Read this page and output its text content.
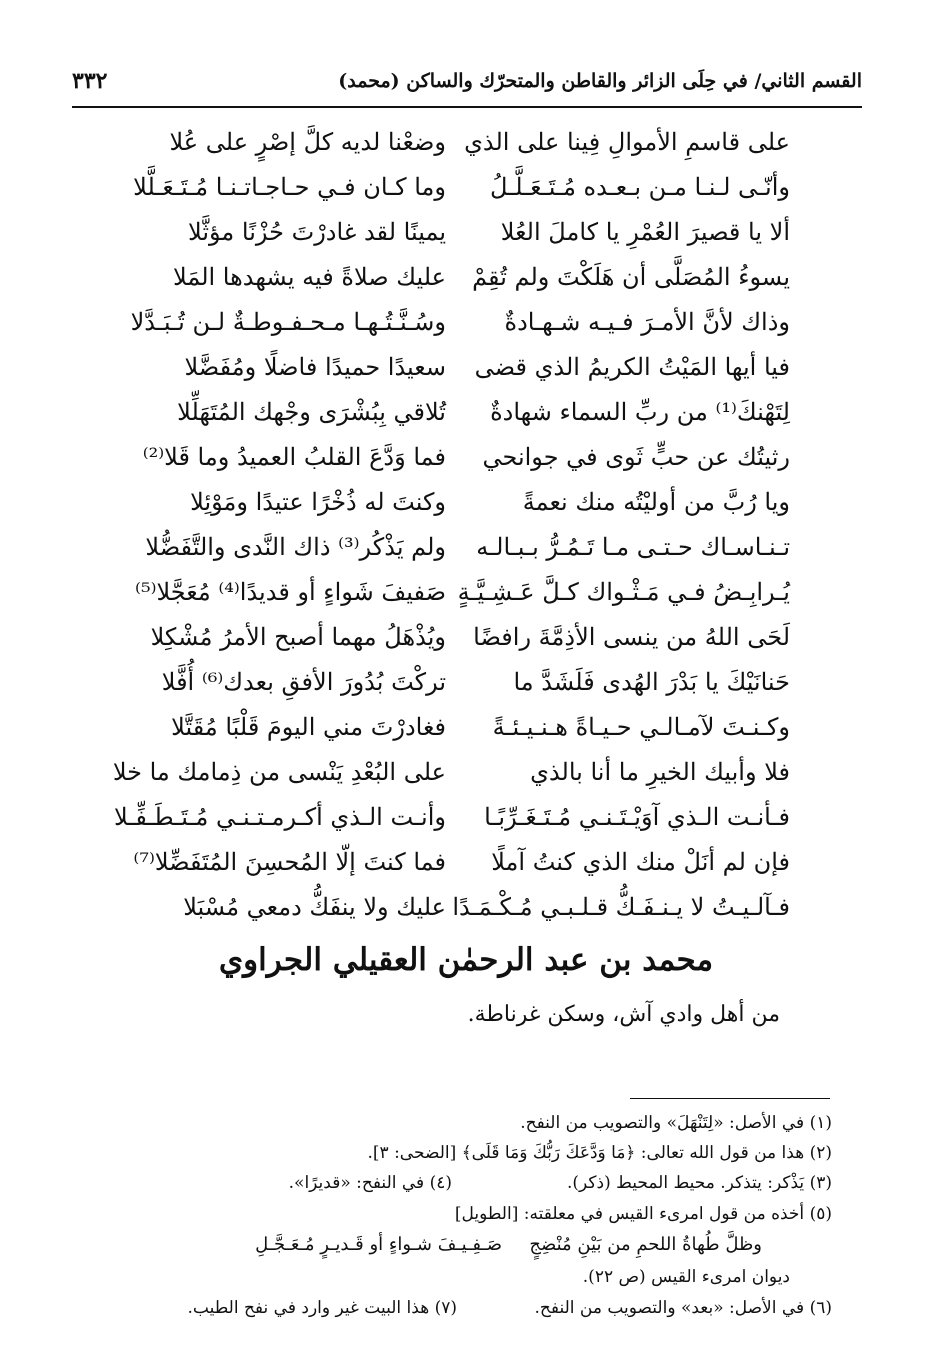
القسم الثاني/ في حِلَى الزائر والقاطن والمتحرّك والساكن (محمد)
٣٣٢
على قاسمِ الأموالِ فِينا على الذي
وضعْنا لديه كلَّ إصْرٍ على عُلا
وأنّـى لـنـا مـن بـعـده مُـتَـعَـلَّـلُ
وما كـان فـي حـاجـاتـنـا مُـتَـعَـلَّلا
ألا يا قصيرَ العُمْرِ يا كاملَ العُلا
يمينًا لقد غادرْتَ حُزْنًا مؤثَّلا
يسوءُ المُصَلَّى أن هَلَكْتَ ولم تُقِمْ
عليك صلاةً فيه يشهدها المَلا
وذاك لأنَّ الأمـرَ فـيـه شـهـادةٌ
وسُـنَّـتُـهـا مـحـفـوطـةٌ لـن تُـبَـدَّلا
فيا أيها المَيْتُ الكريمُ الذي قضى
سعيدًا حميدًا فاضلًا ومُفَضَّلا
لِتَهْنكَ⁽¹⁾ من ربِّ السماء شهادةٌ
تُلاقي بِبُشْرَى وجْهك المُتَهَلِّلا
رثيتُك عن حبٍّ ثَوى في جوانحي
فما وَدَّعَ القلبُ العميدُ وما قَلا⁽²⁾
ويا رُبَّ من أوليْتُه منك نعمةً
وكنتَ له ذُخْرًا عتيدًا ومَوْئِلا
تـنـاسـاك حـتـى مـا تَـمُـرُّ بـبـالـه
ولم يَذْكُر⁽³⁾ ذاك النَّدى والتَّفَضُّلا
يُـرابِـضُ فـي مَـثْـواك كـلَّ عَـشِـيَّـةٍ
صَفيفَ شَواءٍ أو قديدًا⁽⁴⁾ مُعَجَّلا⁽⁵⁾
لَحَى اللهُ من ينسى الأذِمَّةَ رافضًا
ويُذْهَلُ مهما أصبح الأمرُ مُشْكِلا
حَنانَيْكَ يا بَدْرَ الهُدى فَلَشَدَّ ما
تركْتَ بُدُورَ الأفقِ بعدك⁽⁶⁾ أُفَّلا
وكـنـتَ لآمـالـي حـيـاةً هـنـيـئـةً
فغادرْتَ مني اليومَ قَلْبًا مُقَتَّلا
فلا وأبيك الخيرِ ما أنا بالذي
على البُعْدِ يَنْسى من ذِمامك ما خلا
فـأنـت الـذي آوَيْـتَـنـي مُـتَـغَـرِّبًـا
وأنـت الـذي أكـرمـتـنـي مُـتَـطَـفِّـلا
فإن لم أنَلْ منك الذي كنتُ آملًا
فما كنتَ إلّا المُحسِنَ المُتَفَضِّلا⁽⁷⁾
فـآلـيـتُ لا يـنـفَـكُّ قـلـبـي مُـكْـمَـدًا
عليك ولا ينفَكُّ دمعي مُسْبَلا
محمد بن عبد الرحمٰن العقيلي الجراوي
من أهل وادي آش، وسكن غرناطة.
(١) في الأصل: «لِتَنْهَلَ» والتصويب من النفح.
(٢) هذا من قول الله تعالى: ﴿مَا وَدَّعَكَ رَبُّكَ وَمَا قَلَى﴾ [الضحى: ٣].
(٣) يَذْكر: يتذكر. محيط المحيط (ذكر).
(٤) في النفح: «قديرًا».
(٥) أخذه من قول امرىء القيس في معلقته: [الطويل]
وظلَّ طُهاةُ اللحمِ من بَيْنِ مُنْضِجٍ
صَـفِـيـفَ شـواءٍ أو قَـديـرٍ مُـعَـجَّـلِ
ديوان امرىء القيس (ص ٢٢).
(٦) في الأصل: «بعد» والتصويب من النفح.
(٧) هذا البيت غير وارد في نفح الطيب.
